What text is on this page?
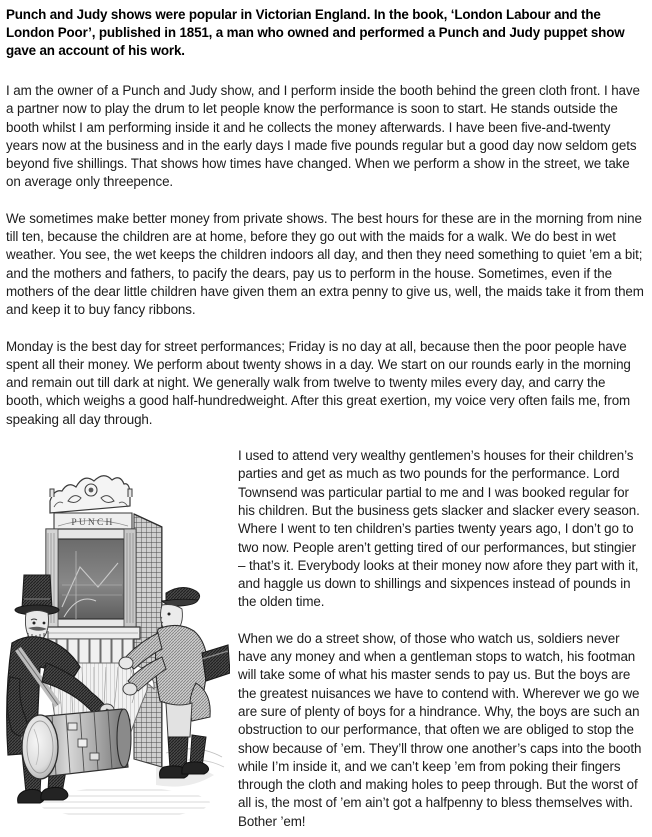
Punch and Judy shows were popular in Victorian England. In the book, ‘London Labour and the London Poor’, published in 1851, a man who owned and performed a Punch and Judy puppet show gave an account of his work.

I am the owner of a Punch and Judy show, and I perform inside the booth behind the green cloth front. I have a partner now to play the drum to let people know the performance is soon to start. He stands outside the booth whilst I am performing inside it and he collects the money afterwards. I have been five-and-twenty years now at the business and in the early days I made five pounds regular but a good day now seldom gets beyond five shillings. That shows how times have changed. When we perform a show in the street, we take on average only threepence.

We sometimes make better money from private shows. The best hours for these are in the morning from nine till ten, because the children are at home, before they go out with the maids for a walk. We do best in wet weather. You see, the wet keeps the children indoors all day, and then they need something to quiet ’em a bit; and the mothers and fathers, to pacify the dears, pay us to perform in the house. Sometimes, even if the mothers of the dear little children have given them an extra penny to give us, well, the maids take it from them and keep it to buy fancy ribbons.

Monday is the best day for street performances; Friday is no day at all, because then the poor people have spent all their money. We perform about twenty shows in a day. We start on our rounds early in the morning and remain out till dark at night. We generally walk from twelve to twenty miles every day, and carry the booth, which weighs a good half-hundredweight. After this great exertion, my voice very often fails me, from speaking all day through.

PUNCH

I used to attend very wealthy gentlemen’s houses for their children’s parties and get as much as two pounds for the performance. Lord Townsend was particular partial to me and I was booked regular for his children. But the business gets slacker and slacker every season. Where I went to ten children’s parties twenty years ago, I don’t go to two now. People aren’t getting tired of our performances, but stingier – that’s it. Everybody looks at their money now afore they part with it, and haggle us down to shillings and sixpences instead of pounds in the olden time.

When we do a street show, of those who watch us, soldiers never have any money and when a gentleman stops to watch, his footman will take some of what his master sends to pay us. But the boys are the greatest nuisances we have to contend with. Wherever we go we are sure of plenty of boys for a hindrance. Why, the boys are such an obstruction to our performance, that often we are obliged to stop the show because of ’em. They’ll throw one another’s caps into the booth while I’m inside it, and we can’t keep ’em from poking their fingers through the cloth and making holes to peep through. But the worst of all is, the most of ’em ain’t got a halfpenny to bless themselves with. Bother ’em!
